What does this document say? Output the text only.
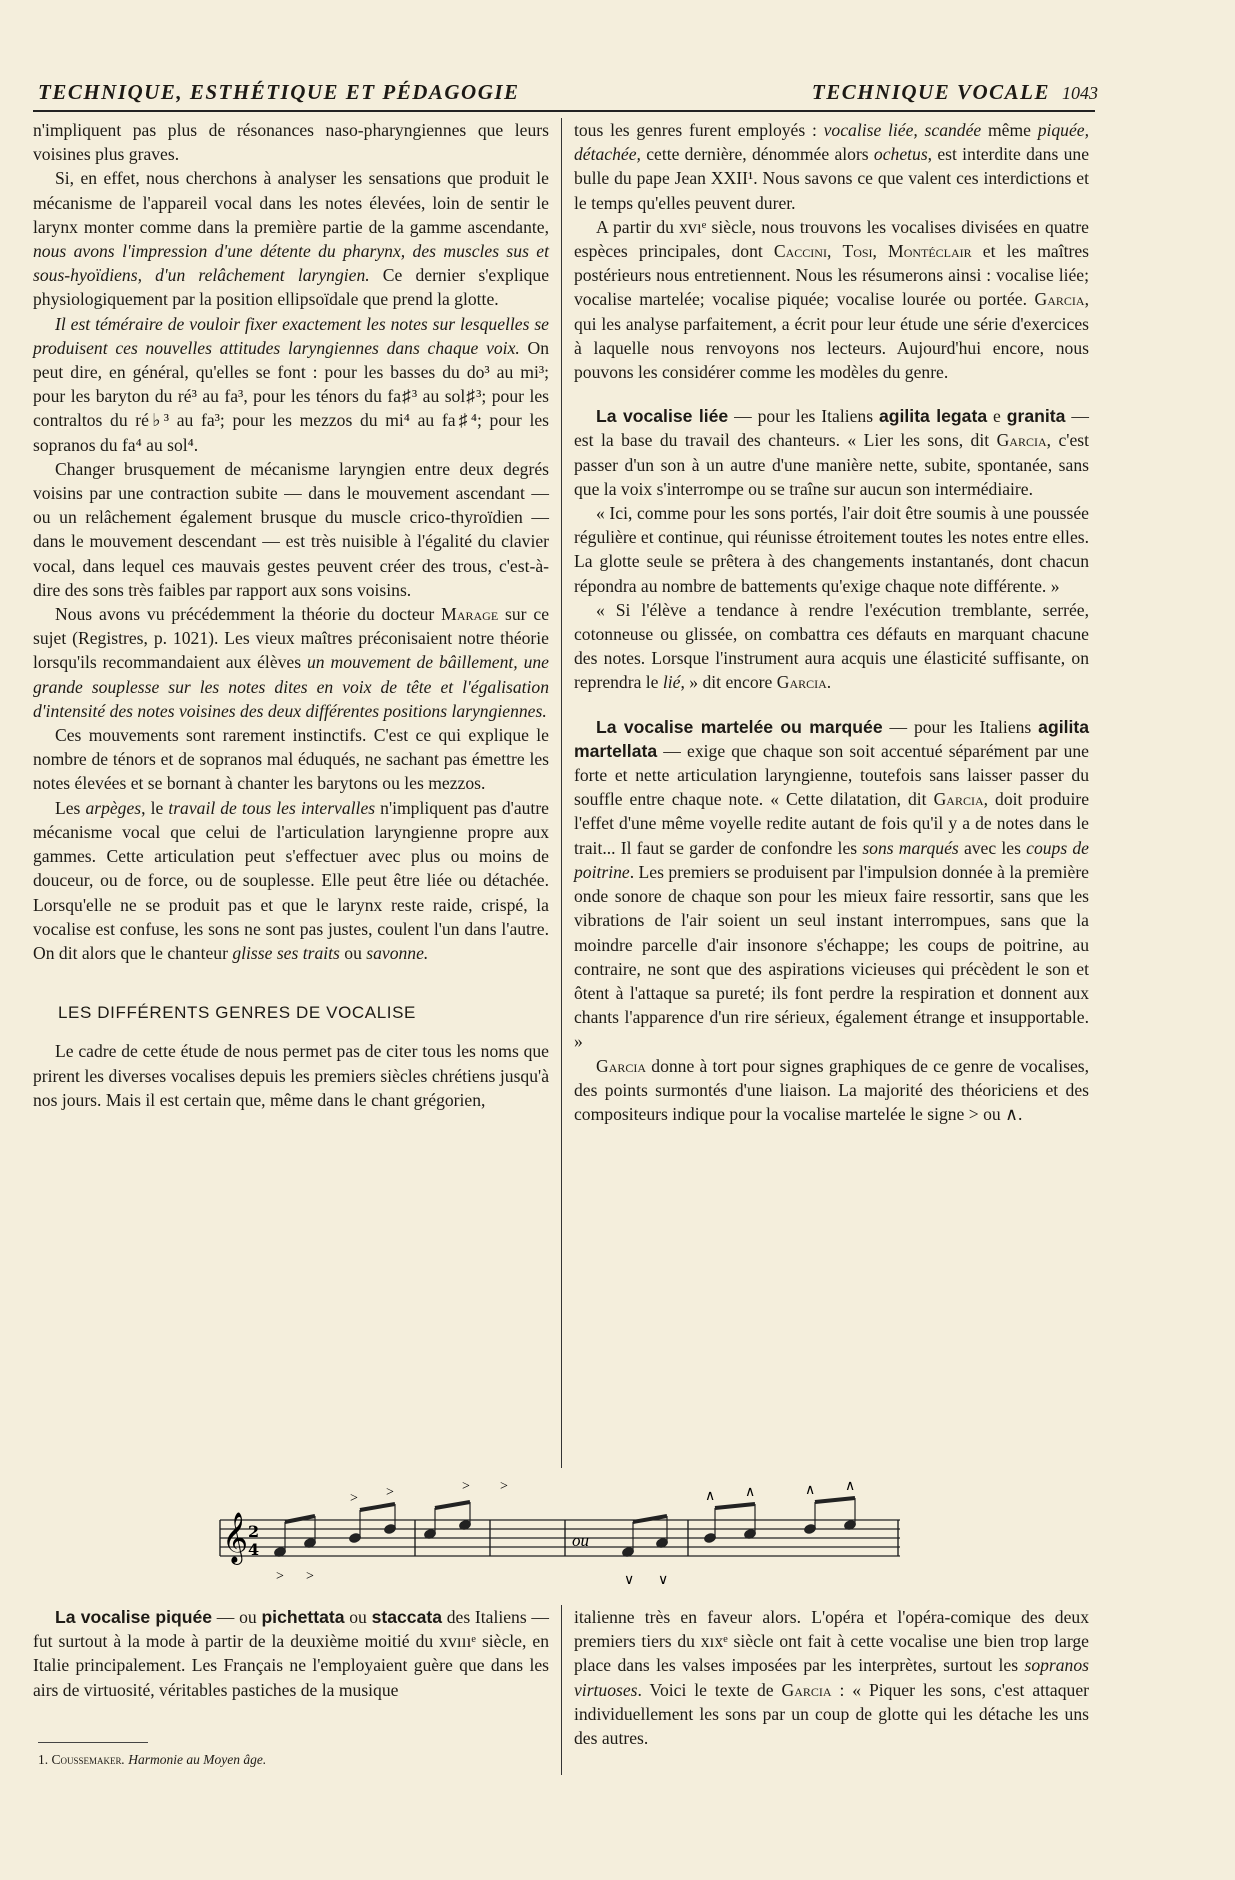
TECHNIQUE, ESTHÉTIQUE ET PÉDAGOGIE	TECHNIQUE VOCALE 1043

n'impliquent pas plus de résonances naso-pharyngiennes que leurs voisines plus graves.

Si, en effet, nous cherchons à analyser les sensations que produit le mécanisme de l'appareil vocal dans les notes élevées, loin de sentir le larynx monter comme dans la première partie de la gamme ascendante, nous avons l'impression d'une détente du pharynx, des muscles sus et sous-hyoïdiens, d'un relâchement laryngien. Ce dernier s'explique physiologiquement par la position ellipsoïdale que prend la glotte.

Il est téméraire de vouloir fixer exactement les notes sur lesquelles se produisent ces nouvelles attitudes laryngiennes dans chaque voix. On peut dire, en général, qu'elles se font : pour les basses du do³ au mi³; pour les baryton du ré³ au fa³, pour les ténors du fa♯³ au sol♯³; pour les contraltos du ré♭³ au fa³; pour les mezzos du mi⁴ au fa♯⁴; pour les sopranos du fa⁴ au sol⁴.

Changer brusquement de mécanisme laryngien entre deux degrés voisins par une contraction subite — dans le mouvement ascendant — ou un relâchement également brusque du muscle crico-thyroïdien — dans le mouvement descendant — est très nuisible à l'égalité du clavier vocal, dans lequel ces mauvais gestes peuvent créer des trous, c'est-à-dire des sons très faibles par rapport aux sons voisins.

Nous avons vu précédemment la théorie du docteur Marage sur ce sujet (Registres, p. 1021). Les vieux maîtres préconisaient notre théorie lorsqu'ils recommandaient aux élèves un mouvement de bâillement, une grande souplesse sur les notes dites en voix de tête et l'égalisation d'intensité des notes voisines des deux différentes positions laryngiennes.

Ces mouvements sont rarement instinctifs. C'est ce qui explique le nombre de ténors et de sopranos mal éduqués, ne sachant pas émettre les notes élevées et se bornant à chanter les barytons ou les mezzos.

Les arpèges, le travail de tous les intervalles n'impliquent pas d'autre mécanisme vocal que celui de l'articulation laryngienne propre aux gammes. Cette articulation peut s'effectuer avec plus ou moins de douceur, ou de force, ou de souplesse. Elle peut être liée ou détachée. Lorsqu'elle ne se produit pas et que le larynx reste raide, crispé, la vocalise est confuse, les sons ne sont pas justes, coulent l'un dans l'autre. On dit alors que le chanteur glisse ses traits ou savonne.

LES DIFFÉRENTS GENRES DE VOCALISE

Le cadre de cette étude de nous permet pas de citer tous les noms que prirent les diverses vocalises depuis les premiers siècles chrétiens jusqu'à nos jours. Mais il est certain que, même dans le chant grégorien,

tous les genres furent employés : vocalise liée, scandée même piquée, détachée, cette dernière, dénommée alors ochetus, est interdite dans une bulle du pape Jean XXII¹. Nous savons ce que valent ces interdictions et le temps qu'elles peuvent durer.

A partir du xvıᵉ siècle, nous trouvons les vocalises divisées en quatre espèces principales, dont Caccini, Tosi, Montéclair et les maîtres postérieurs nous entretiennent. Nous les résumerons ainsi : vocalise liée; vocalise martelée; vocalise piquée; vocalise lourée ou portée. Garcia, qui les analyse parfaitement, a écrit pour leur étude une série d'exercices à laquelle nous renvoyons nos lecteurs. Aujourd'hui encore, nous pouvons les considérer comme les modèles du genre.

La vocalise liée — pour les Italiens agilita legata e granita — est la base du travail des chanteurs. « Lier les sons, dit Garcia, c'est passer d'un son à un autre d'une manière nette, subite, spontanée, sans que la voix s'interrompe ou se traîne sur aucun son intermédiaire.

« Ici, comme pour les sons portés, l'air doit être soumis à une poussée régulière et continue, qui réunisse étroitement toutes les notes entre elles. La glotte seule se prêtera à des changements instantanés, dont chacun répondra au nombre de battements qu'exige chaque note différente. »

« Si l'élève a tendance à rendre l'exécution tremblante, serrée, cotonneuse ou glissée, on combattra ces défauts en marquant chacune des notes. Lorsque l'instrument aura acquis une élasticité suffisante, on reprendra le lié, » dit encore Garcia.

La vocalise martelée ou marquée — pour les Italiens agilita martellata — exige que chaque son soit accentué séparément par une forte et nette articulation laryngienne, toutefois sans laisser passer du souffle entre chaque note. « Cette dilatation, dit Garcia, doit produire l'effet d'une même voyelle redite autant de fois qu'il y a de notes dans le trait... Il faut se garder de confondre les sons marqués avec les coups de poitrine. Les premiers se produisent par l'impulsion donnée à la première onde sonore de chaque son pour les mieux faire ressortir, sans que les vibrations de l'air soient un seul instant interrompues, sans que la moindre parcelle d'air insonore s'échappe; les coups de poitrine, au contraire, ne sont que des aspirations vicieuses qui précèdent le son et ôtent à l'attaque sa pureté; ils font perdre la respiration et donnent aux chants l'apparence d'un rire sérieux, également étrange et insupportable. »

Garcia donne à tort pour signes graphiques de ce genre de vocalises, des points surmontés d'une liaison. La majorité des théoriciens et des compositeurs indique pour la vocalise martelée le signe > ou ∧.

𝄞 2
4
> >
> >	> >
ou
∨ ∨
∧ ∧	∧ ∧

La vocalise piquée — ou pichettata ou staccata des Italiens — fut surtout à la mode à partir de la deuxième moitié du xvıııᵉ siècle, en Italie principalement. Les Français ne l'employaient guère que dans les airs de virtuosité, véritables pastiches de la musique

italienne très en faveur alors. L'opéra et l'opéra-comique des deux premiers tiers du xıxᵉ siècle ont fait à cette vocalise une bien trop large place dans les valses imposées par les interprètes, surtout les sopranos virtuoses. Voici le texte de Garcia : « Piquer les sons, c'est attaquer individuellement les sons par un coup de glotte qui les détache les uns des autres.

1. Coussemaker. Harmonie au Moyen âge.
